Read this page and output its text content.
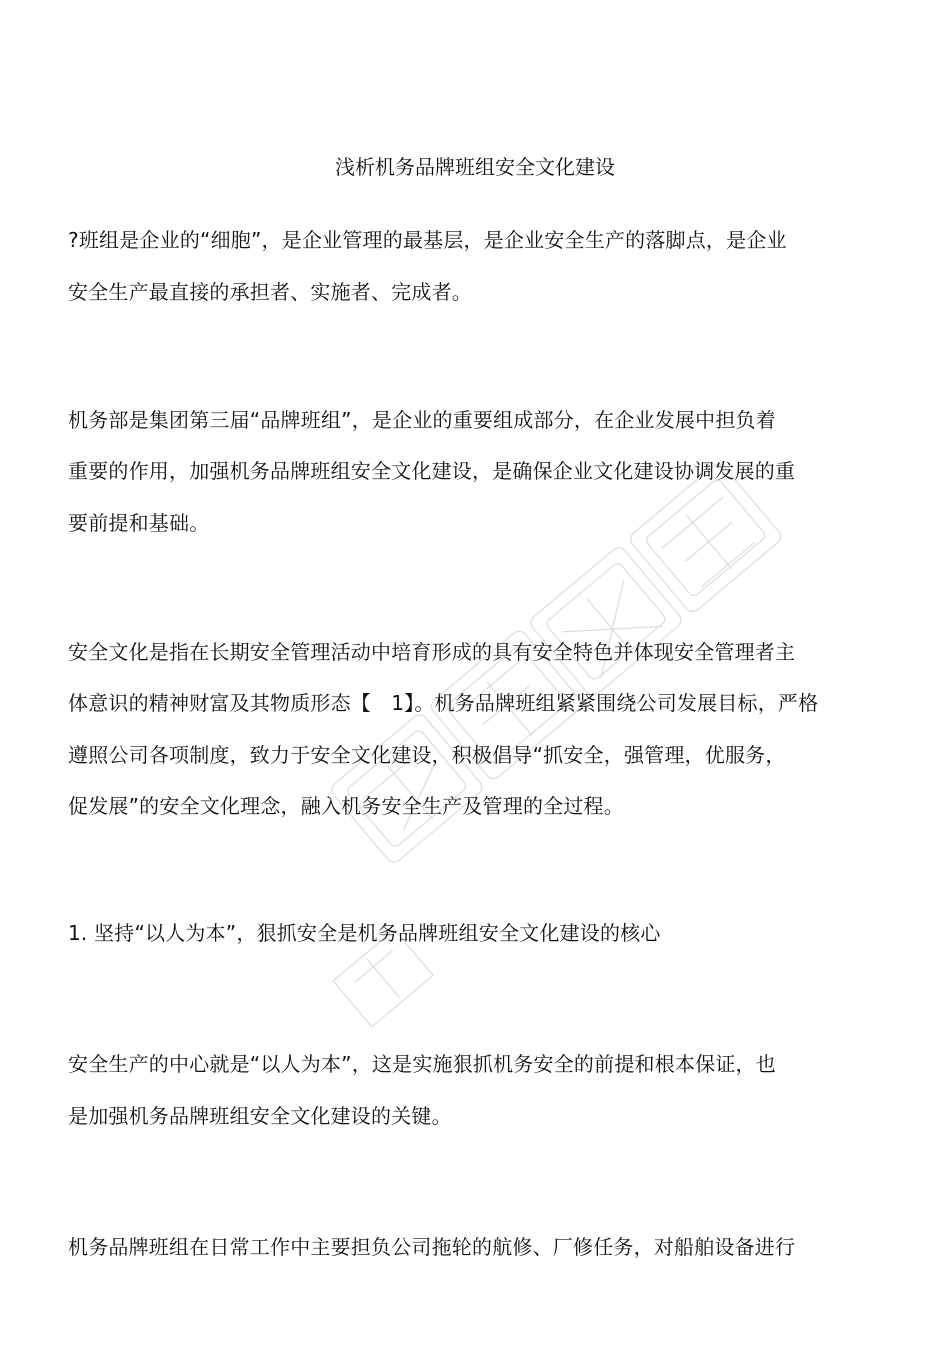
浅析机务品牌班组安全文化建设
?班组是企业的“细胞”，是企业管理的最基层，是企业安全生产的落脚点，是企业
安全生产最直接的承担者、实施者、完成者。
机务部是集团第三届“品牌班组”，是企业的重要组成部分，在企业发展中担负着
重要的作用，加强机务品牌班组安全文化建设，是确保企业文化建设协调发展的重
要前提和基础。
安全文化是指在长期安全管理活动中培育形成的具有安全特色并体现安全管理者主
体意识的精神财富及其物质形态【　1】。机务品牌班组紧紧围绕公司发展目标，严格
遵照公司各项制度，致力于安全文化建设，积极倡导“抓安全，强管理，优服务，
促发展”的安全文化理念，融入机务安全生产及管理的全过程。
1. 坚持“以人为本”，狠抓安全是机务品牌班组安全文化建设的核心
安全生产的中心就是“以人为本”，这是实施狠抓机务安全的前提和根本保证，也
是加强机务品牌班组安全文化建设的关键。
机务品牌班组在日常工作中主要担负公司拖轮的航修、厂修任务，对船舶设备进行
